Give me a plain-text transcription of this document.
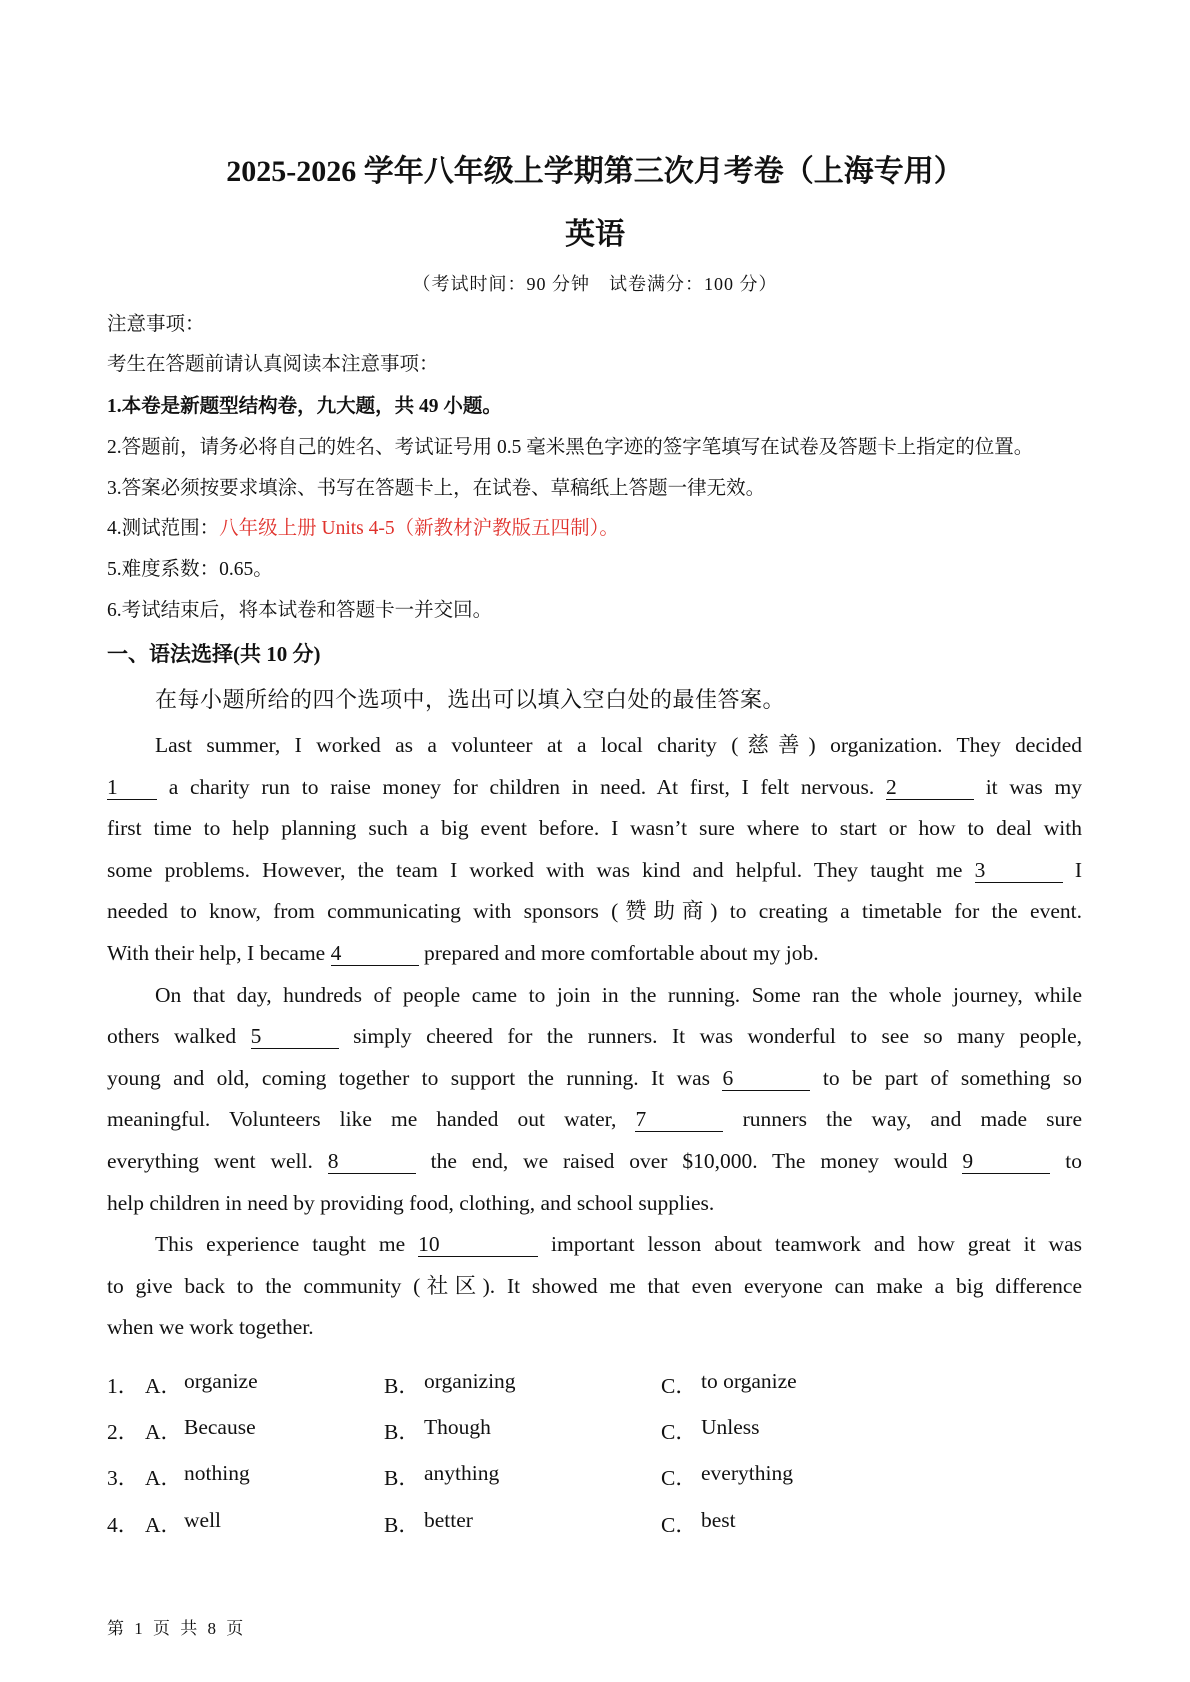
2025-2026 学年八年级上学期第三次月考卷（上海专用）
英语
（考试时间：90 分钟　试卷满分：100 分）
注意事项：
考生在答题前请认真阅读本注意事项：
1.本卷是新题型结构卷，九大题，共 49 小题。
2.答题前，请务必将自己的姓名、考试证号用 0.5 毫米黑色字迹的签字笔填写在试卷及答题卡上指定的位置。
3.答案必须按要求填涂、书写在答题卡上，在试卷、草稿纸上答题一律无效。
4.测试范围：八年级上册 Units 4-5（新教材沪教版五四制）。
5.难度系数：0.65。
6.考试结束后，将本试卷和答题卡一并交回。
一、语法选择(共 10 分)
在每小题所给的四个选项中，选出可以填入空白处的最佳答案。
Last summer, I worked as a volunteer at a local charity (慈善) organization. They decided
1 a charity run to raise money for children in need. At first, I felt nervous. 2	it was my
first time to help planning such a big event before. I wasn’t sure where to start or how to deal with
some problems. However, the team I worked with was kind and helpful. They taught me 3	I
needed to know, from communicating with sponsors (赞助商) to creating a timetable for the event.
With their help, I became 4	prepared and more comfortable about my job.
On that day, hundreds of people came to join in the running. Some ran the whole journey, while
others walked 5	simply cheered for the runners. It was wonderful to see so many people,
young and old, coming together to support the running. It was 6	to be part of something so
meaningful. Volunteers like me handed out water, 7	runners the way, and made sure
everything went well. 8	the end, we raised over $10,000. The money would 9	to
help children in need by providing food, clothing, and school supplies.
This experience taught me 10	important lesson about teamwork and how great it was
to give back to the community (社区). It showed me that even everyone can make a big difference
when we work together.
1． A． organize	B． organizing	C． to organize
2． A． Because	B． Though	C． Unless
3． A． nothing	B． anything	C． everything
4． A． well	B． better	C． best
第 1 页 共 8 页
